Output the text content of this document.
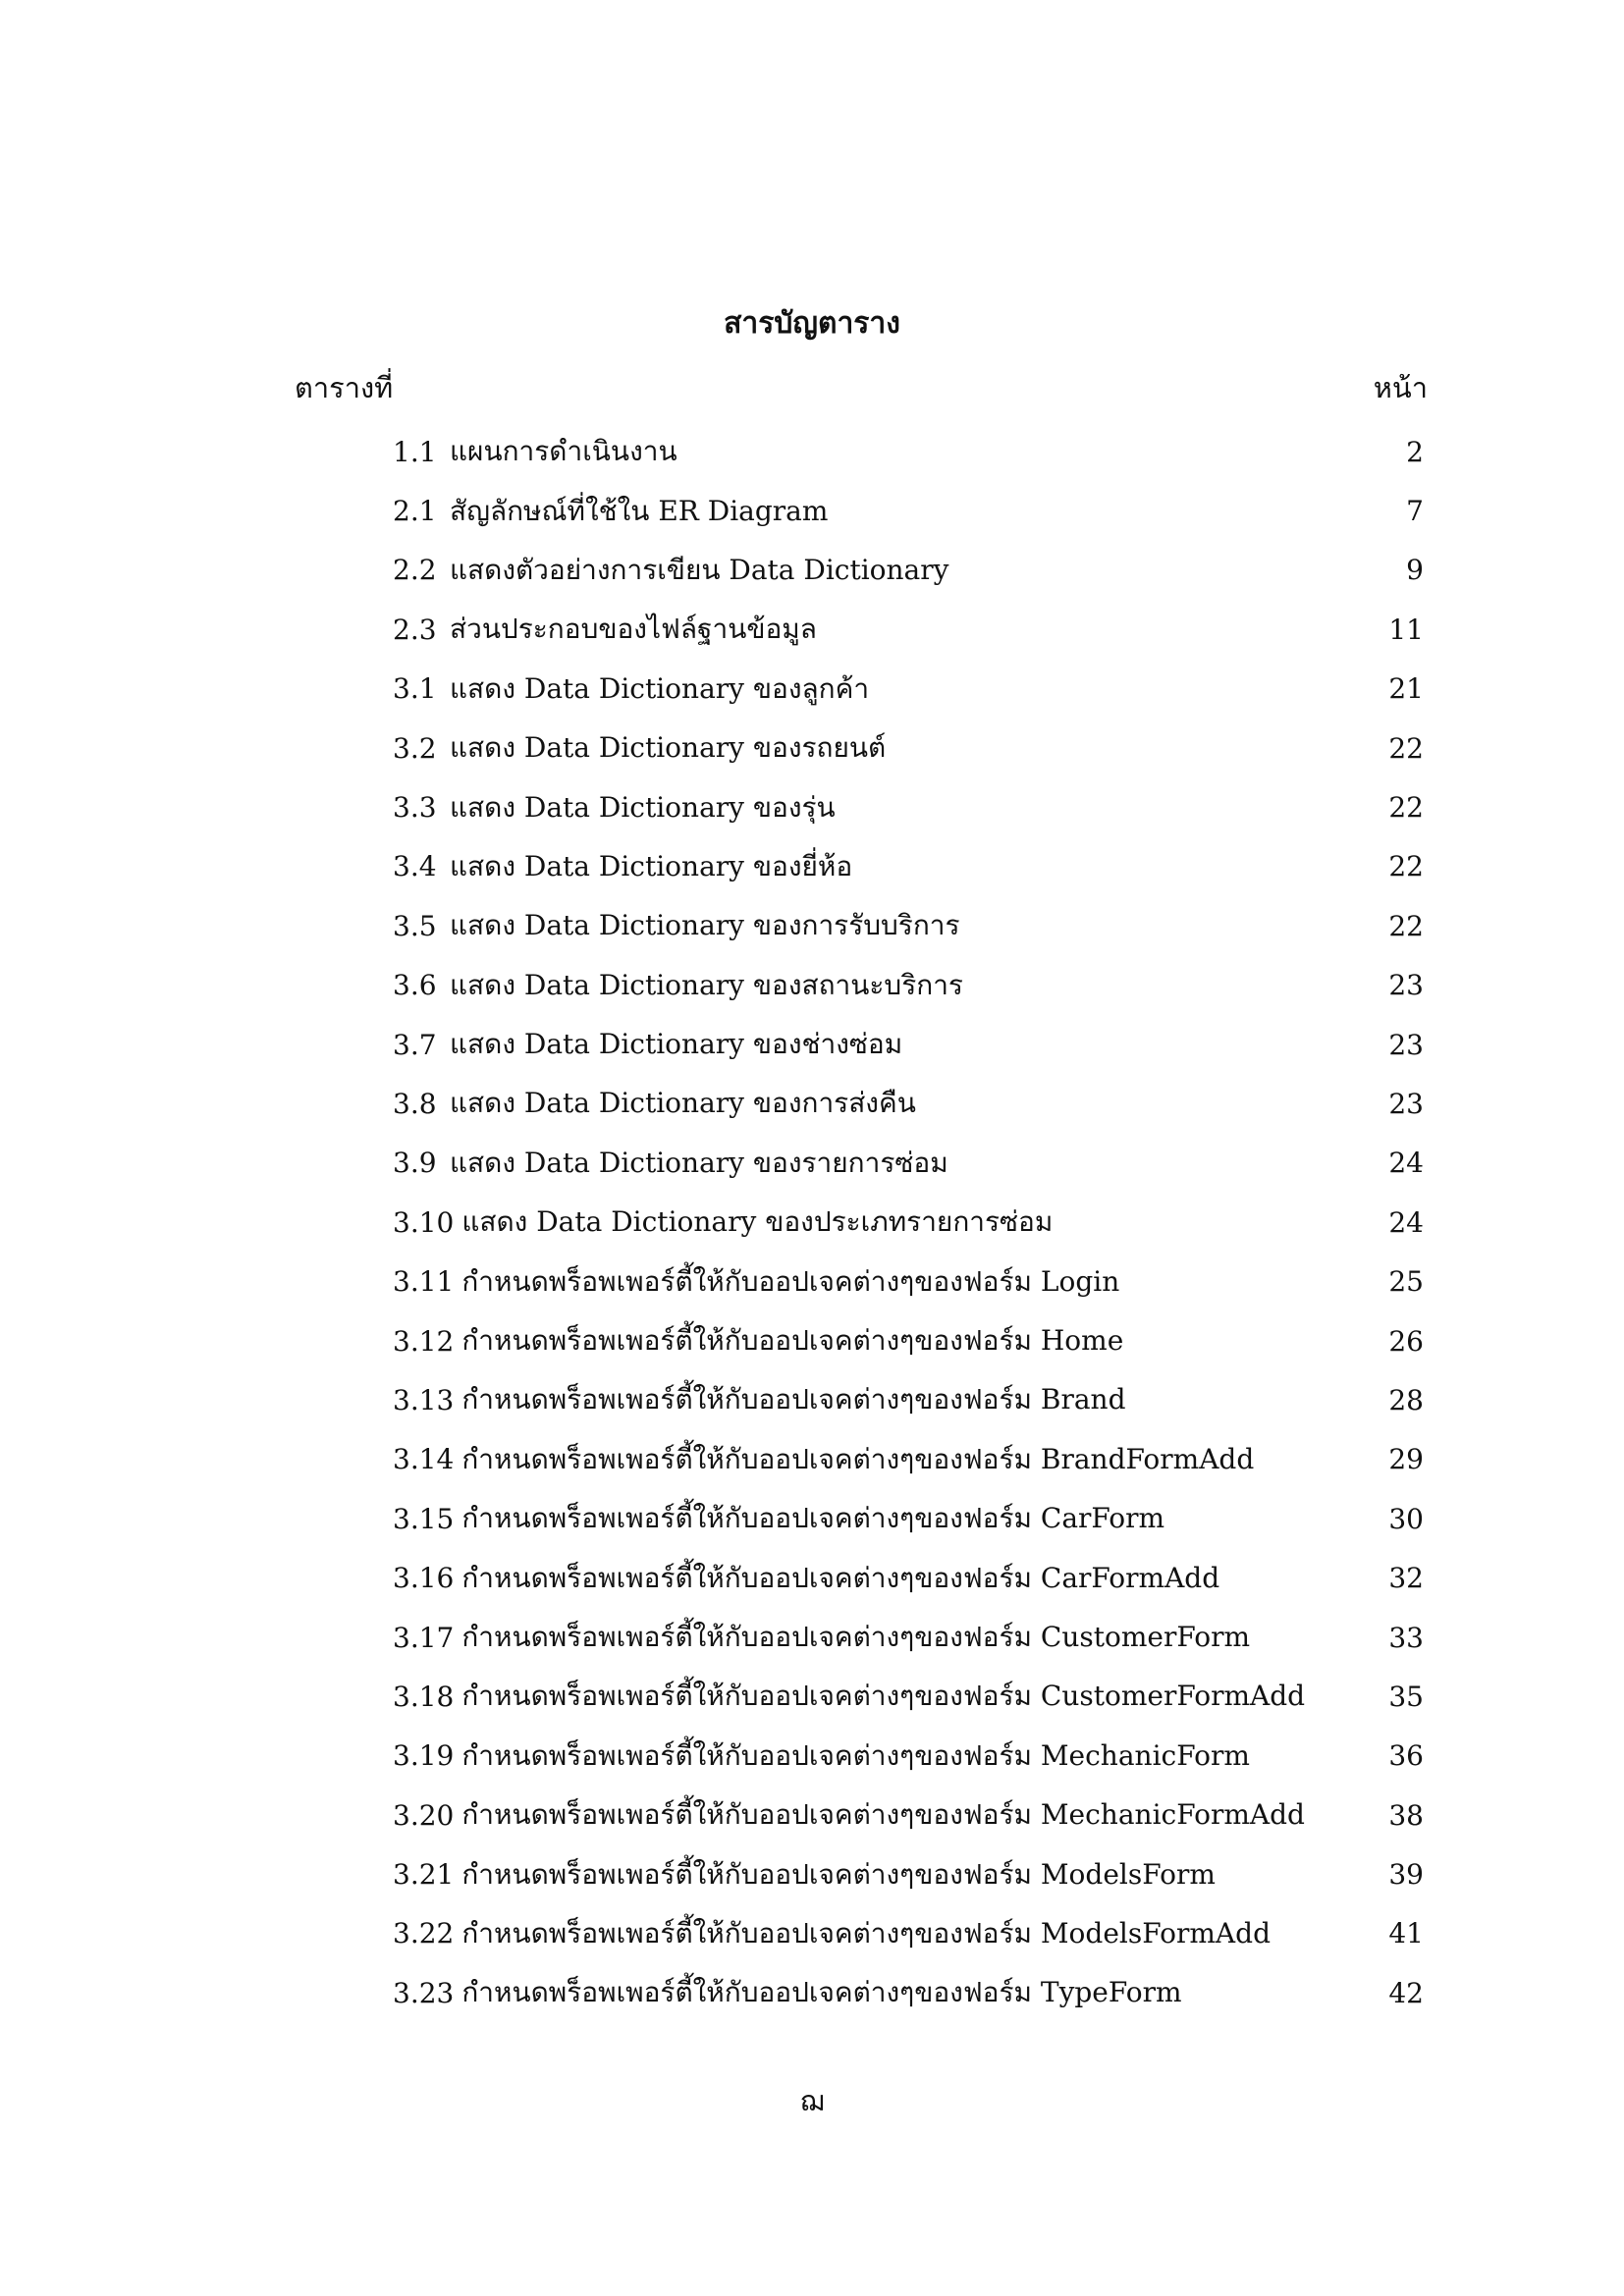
สารบัญตาราง
ตารางที่	หน้า
1.1 แผนการดำเนินงาน	2
2.1 สัญลักษณ์ที่ใช้ใน ER Diagram	7
2.2 แสดงตัวอย่างการเขียน Data Dictionary	9
2.3 ส่วนประกอบของไฟล์ฐานข้อมูล	11
3.1 แสดง Data Dictionary ของลูกค้า	21
3.2 แสดง Data Dictionary ของรถยนต์	22
3.3 แสดง Data Dictionary ของรุ่น	22
3.4 แสดง Data Dictionary ของยี่ห้อ	22
3.5 แสดง Data Dictionary ของการรับบริการ	22
3.6 แสดง Data Dictionary ของสถานะบริการ	23
3.7 แสดง Data Dictionary ของช่างซ่อม	23
3.8 แสดง Data Dictionary ของการส่งคืน	23
3.9 แสดง Data Dictionary ของรายการซ่อม	24
3.10 แสดง Data Dictionary ของประเภทรายการซ่อม	24
3.11 กำหนดพร็อพเพอร์ตี้ให้กับออปเจคต่างๆของฟอร์ม Login	25
3.12 กำหนดพร็อพเพอร์ตี้ให้กับออปเจคต่างๆของฟอร์ม Home	26
3.13 กำหนดพร็อพเพอร์ตี้ให้กับออปเจคต่างๆของฟอร์ม Brand	28
3.14 กำหนดพร็อพเพอร์ตี้ให้กับออปเจคต่างๆของฟอร์ม BrandFormAdd	29
3.15 กำหนดพร็อพเพอร์ตี้ให้กับออปเจคต่างๆของฟอร์ม CarForm	30
3.16 กำหนดพร็อพเพอร์ตี้ให้กับออปเจคต่างๆของฟอร์ม CarFormAdd	32
3.17 กำหนดพร็อพเพอร์ตี้ให้กับออปเจคต่างๆของฟอร์ม CustomerForm	33
3.18 กำหนดพร็อพเพอร์ตี้ให้กับออปเจคต่างๆของฟอร์ม CustomerFormAdd	35
3.19 กำหนดพร็อพเพอร์ตี้ให้กับออปเจคต่างๆของฟอร์ม MechanicForm	36
3.20 กำหนดพร็อพเพอร์ตี้ให้กับออปเจคต่างๆของฟอร์ม MechanicFormAdd	38
3.21 กำหนดพร็อพเพอร์ตี้ให้กับออปเจคต่างๆของฟอร์ม ModelsForm	39
3.22 กำหนดพร็อพเพอร์ตี้ให้กับออปเจคต่างๆของฟอร์ม ModelsFormAdd	41
3.23 กำหนดพร็อพเพอร์ตี้ให้กับออปเจคต่างๆของฟอร์ม TypeForm	42
ฌ
